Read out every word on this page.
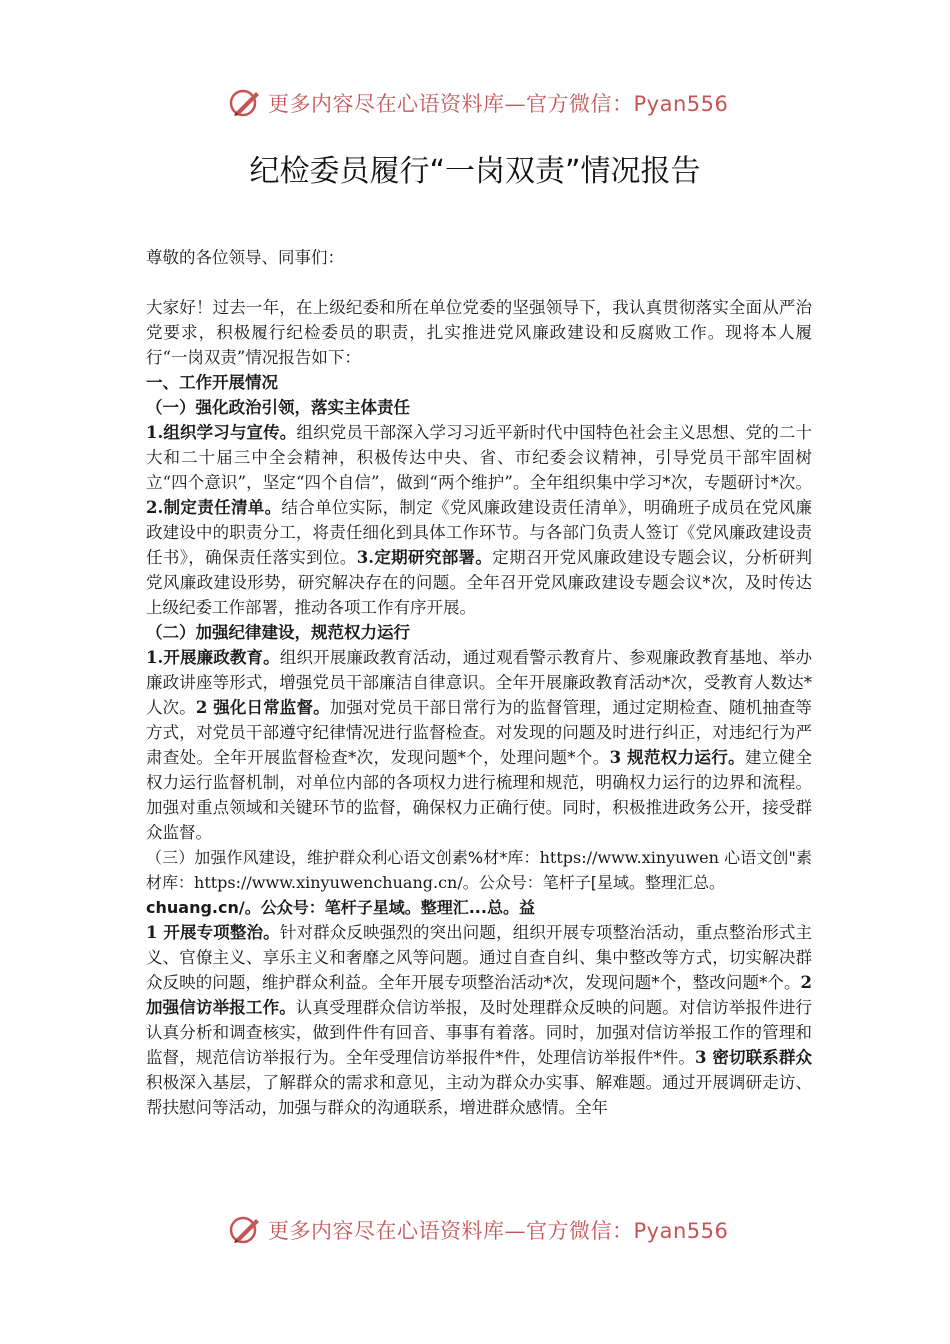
更多内容尽在心语资料库—官方微信：Pyan556
纪检委员履行“一岗双责”情况报告

尊敬的各位领导、同事们：

大家好！过去一年，在上级纪委和所在单位党委的坚强领导下，我认真贯彻落实全面从严治党要求，积极履行纪检委员的职责，扎实推进党风廉政建设和反腐败工作。现将本人履行“一岗双责”情况报告如下：

一、工作开展情况

（一）强化政治引领，落实主体责任

1.组织学习与宣传。组织党员干部深入学习习近平新时代中国特色社会主义思想、党的二十大和二十届三中全会精神，积极传达中央、省、市纪委会议精神，引导党员干部牢固树立“四个意识”，坚定“四个自信”，做到“两个维护”。全年组织集中学习*次，专题研讨*次。2.制定责任清单。结合单位实际，制定《党风廉政建设责任清单》，明确班子成员在党风廉政建设中的职责分工，将责任细化到具体工作环节。与各部门负责人签订《党风廉政建设责任书》，确保责任落实到位。3.定期研究部署。定期召开党风廉政建设专题会议，分析研判党风廉政建设形势，研究解决存在的问题。全年召开党风廉政建设专题会议*次，及时传达上级纪委工作部署，推动各项工作有序开展。

（二）加强纪律建设，规范权力运行

1.开展廉政教育。组织开展廉政教育活动，通过观看警示教育片、参观廉政教育基地、举办廉政讲座等形式，增强党员干部廉洁自律意识。全年开展廉政教育活动*次，受教育人数达*人次。2 强化日常监督。加强对党员干部日常行为的监督管理，通过定期检查、随机抽查等方式，对党员干部遵守纪律情况进行监督检查。对发现的问题及时进行纠正，对违纪行为严肃查处。全年开展监督检查*次，发现问题*个，处理问题*个。3 规范权力运行。建立健全权力运行监督机制，对单位内部的各项权力进行梳理和规范，明确权力运行的边界和流程。加强对重点领域和关键环节的监督，确保权力正确行使。同时，积极推进政务公开，接受群众监督。

（三）加强作风建设，维护群众利心语文创素%材*库：https://www.xinyuwen 心语文创"素材库：https://www.xinyuwenchuang.cn/。公众号：笔杆子[星域。整理汇总。

chuang.cn/。公众号：笔杆子星域。整理汇...总。益

1 开展专项整治。针对群众反映强烈的突出问题，组织开展专项整治活动，重点整治形式主义、官僚主义、享乐主义和奢靡之风等问题。通过自查自纠、集中整改等方式，切实解决群众反映的问题，维护群众利益。全年开展专项整治活动*次，发现问题*个，整改问题*个。2 加强信访举报工作。认真受理群众信访举报，及时处理群众反映的问题。对信访举报件进行认真分析和调查核实，做到件件有回音、事事有着落。同时，加强对信访举报工作的管理和监督，规范信访举报行为。全年受理信访举报件*件，处理信访举报件*件。3 密切联系群众积极深入基层，了解群众的需求和意见，主动为群众办实事、解难题。通过开展调研走访、帮扶慰问等活动，加强与群众的沟通联系，增进群众感情。全年

更多内容尽在心语资料库—官方微信：Pyan556
